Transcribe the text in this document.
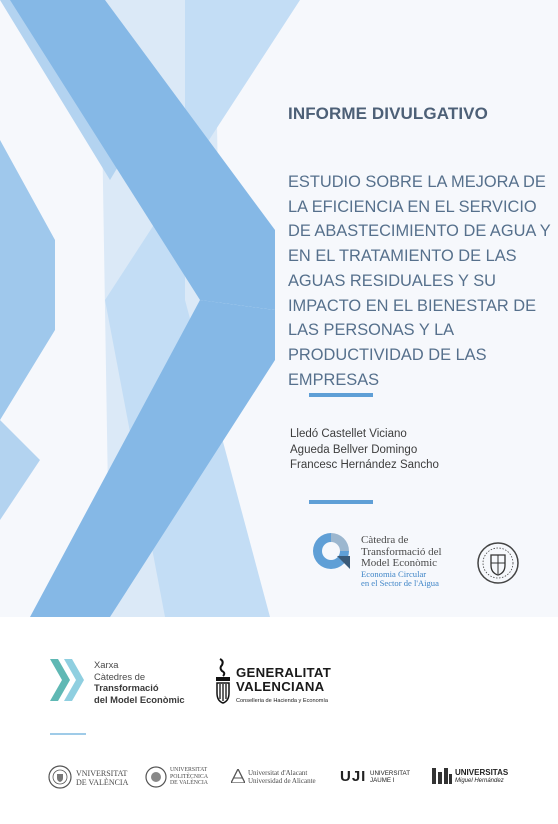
INFORME DIVULGATIVO
ESTUDIO SOBRE LA MEJORA DE LA EFICIENCIA EN EL SERVICIO DE ABASTECIMIENTO DE AGUA Y EN EL TRATAMIENTO DE LAS AGUAS RESIDUALES Y SU IMPACTO EN EL BIENESTAR DE LAS PERSONAS Y LA PRODUCTIVIDAD DE LAS EMPRESAS
Lledó Castellet Viciano
Agueda Bellver Domingo
Francesc Hernández Sancho
Càtedra de
Transformació del
Model Econòmic
Economia Circular
en el Sector de l'Aigua
Xarxa
Càtedres de
Transformació
del Model Econòmic
GENERALITAT
VALENCIANA
Conselleria de Hacienda y Economía
VNIVERSITAT
DE VALÈNCIA
UNIVERSITAT
POLITÈCNICA
DE VALÈNCIA
Universitat d'Alacant
Universidad de Alicante UJI UNIVERSITAT
JAUME I
UNIVERSITAS
Miguel Hernández
